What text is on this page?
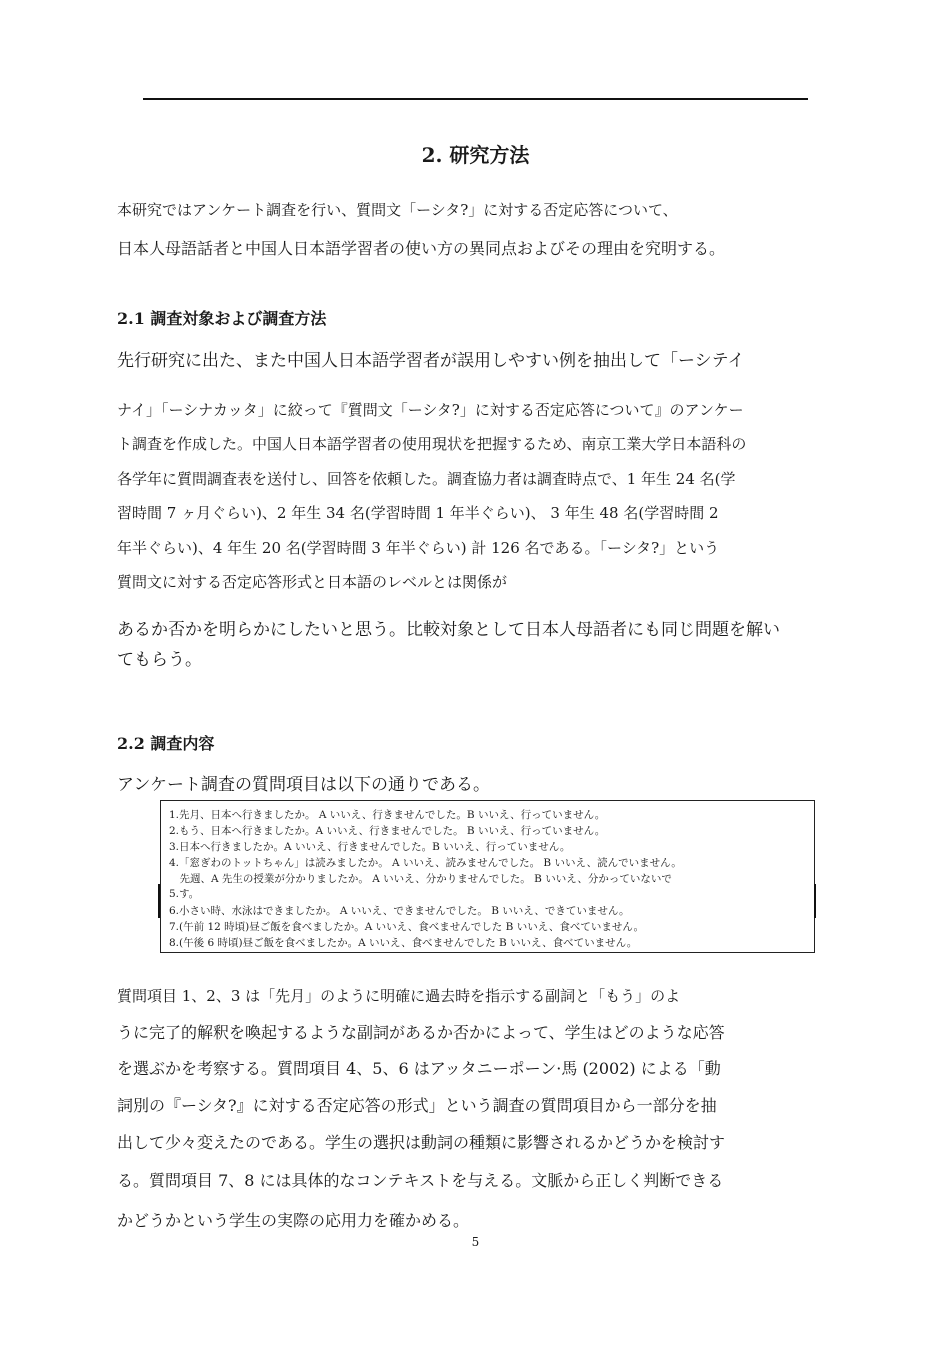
2. 研究方法
本研究ではアンケート調査を行い、質問文「ーシタ?」に対する否定応答について、
日本人母語話者と中国人日本語学習者の使い方の異同点およびその理由を究明する。
2.1 調査対象および調査方法
先行研究に出た、また中国人日本語学習者が誤用しやすい例を抽出して「ーシテイ
ナイ」「ーシナカッタ」に絞って『質問文「ーシタ?」に対する否定応答について』のアンケー
ト調査を作成した。中国人日本語学習者の使用現状を把握するため、南京工業大学日本語科の
各学年に質問調査表を送付し、回答を依頼した。調査協力者は調査時点で、1 年生 24 名(学
習時間 7 ヶ月ぐらい)、2 年生 34 名(学習時間 1 年半ぐらい)、 3 年生 48 名(学習時間 2
年半ぐらい)、4 年生 20 名(学習時間 3 年半ぐらい) 計 126 名である。「ーシタ?」という
質問文に対する否定応答形式と日本語のレベルとは関係が
あるか否かを明らかにしたいと思う。比較対象として日本人母語者にも同じ問題を解い
てもらう。
2.2 調査内容
アンケート調査の質問項目は以下の通りである。
1.先月、日本へ行きましたか。 A いいえ、行きませんでした。B いいえ、行っていません。
2.もう、日本へ行きましたか。A いいえ、行きませんでした。 B いいえ、行っていません。
3.日本へ行きましたか。A いいえ、行きませんでした。B いいえ、行っていません。
4.「窓ぎわのトットちゃん」は読みましたか。 A いいえ、読みませんでした。 B いいえ、読んでいません。
　先週、A 先生の授業が分かりましたか。 A いいえ、分かりませんでした。 B いいえ、分かっていないで
5.す。
6.小さい時、水泳はできましたか。 A いいえ、できませんでした。 B いいえ、できていません。
7.(午前 12 時頃)昼ご飯を食べましたか。A いいえ、食べませんでした B いいえ、食べていません。
8.(午後 6 時頃)昼ご飯を食べましたか。A いいえ、食べませんでした B いいえ、食べていません。
質問項目 1、2、3 は「先月」のように明確に過去時を指示する副詞と「もう」のよ
うに完了的解釈を喚起するような副詞があるか否かによって、学生はどのような応答
を選ぶかを考察する。質問項目 4、5、6 はアッタニーポーン·馬 (2002) による「動
詞別の『ーシタ?』に対する否定応答の形式」という調査の質問項目から一部分を抽
出して少々変えたのである。学生の選択は動詞の種類に影響されるかどうかを検討す
る。質問項目 7、8 には具体的なコンテキストを与える。文脈から正しく判断できる
かどうかという学生の実際の応用力を確かめる。
5
